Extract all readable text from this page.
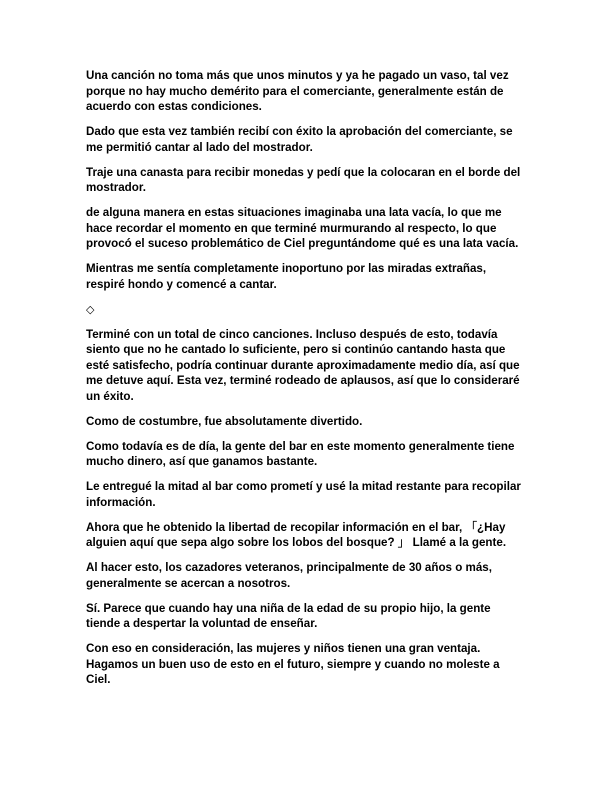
Una canción no toma más que unos minutos y ya he pagado un vaso, tal vez porque no hay mucho demérito para el comerciante, generalmente están de acuerdo con estas condiciones.

Dado que esta vez también recibí con éxito la aprobación del comerciante, se me permitió cantar al lado del mostrador.

Traje una canasta para recibir monedas y pedí que la colocaran en el borde del mostrador.

de alguna manera en estas situaciones imaginaba una lata vacía, lo que me hace recordar el momento en que terminé murmurando al respecto, lo que provocó el suceso problemático de Ciel preguntándome qué es una lata vacía.

Mientras me sentía completamente inoportuno por las miradas extrañas, respiré hondo y comencé a cantar.

◇

Terminé con un total de cinco canciones. Incluso después de esto, todavía siento que no he cantado lo suficiente, pero si continúo cantando hasta que esté satisfecho, podría continuar durante aproximadamente medio día, así que me detuve aquí. Esta vez, terminé rodeado de aplausos, así que lo consideraré un éxito.

Como de costumbre, fue absolutamente divertido.

Como todavía es de día, la gente del bar en este momento generalmente tiene mucho dinero, así que ganamos bastante.

Le entregué la mitad al bar como prometí y usé la mitad restante para recopilar información.

Ahora que he obtenido la libertad de recopilar información en el bar, 「¿Hay alguien aquí que sepa algo sobre los lobos del bosque? 」 Llamé a la gente.

Al hacer esto, los cazadores veteranos, principalmente de 30 años o más, generalmente se acercan a nosotros.

Sí. Parece que cuando hay una niña de la edad de su propio hijo, la gente tiende a despertar la voluntad de enseñar.

Con eso en consideración, las mujeres y niños tienen una gran ventaja. Hagamos un buen uso de esto en el futuro, siempre y cuando no moleste a Ciel.
